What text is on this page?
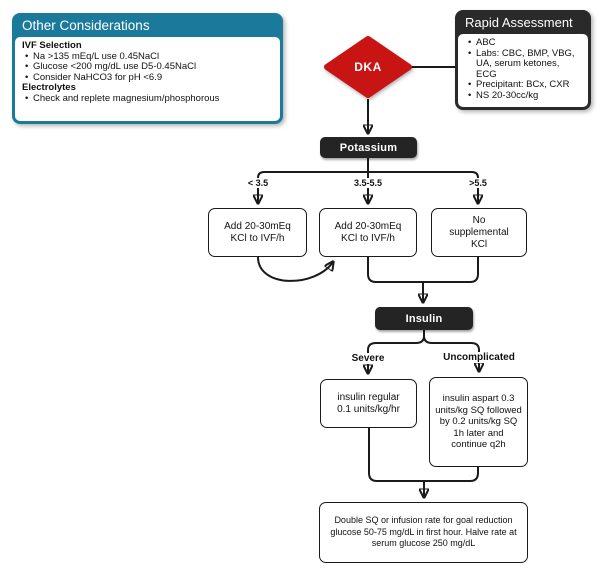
Other Considerations
IVF Selection
• Na >135 mEq/L use 0.45NaCl
• Glucose <200 mg/dL use D5-0.45NaCl
• Consider NaHCO3 for pH <6.9
Electrolytes
• Check and replete magnesium/phosphorous
Rapid Assessment
• ABC
• Labs: CBC, BMP, VBG, UA, serum ketones, ECG
• Precipitant: BCx, CXR
• NS 20-30cc/kg
DKA
Potassium
< 3.5	3.5-5.5	>5.5
Add 20-30mEq KCl to IVF/h
Add 20-30mEq KCl to IVF/h
No supplemental KCl
Insulin
Severe	Uncomplicated
insulin regular 0.1 units/kg/hr
insulin aspart 0.3 units/kg SQ followed by 0.2 units/kg SQ 1h later and continue q2h
Double SQ or infusion rate for goal reduction glucose 50-75 mg/dL in first hour. Halve rate at serum glucose 250 mg/dL
